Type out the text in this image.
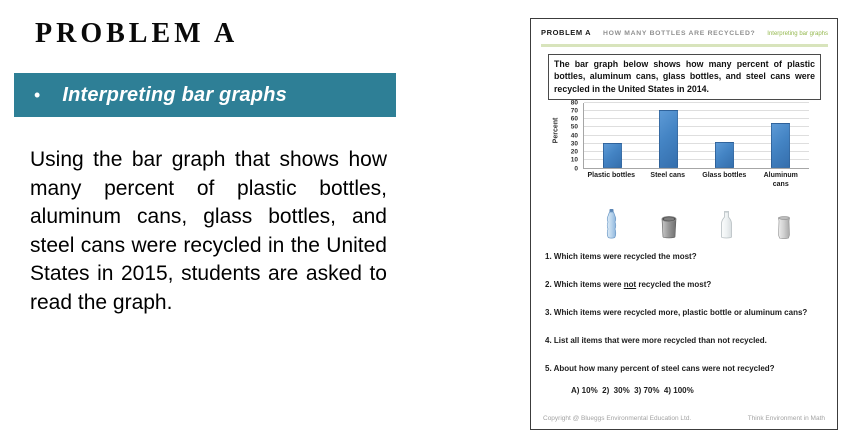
PROBLEM A
• Interpreting bar graphs
Using the bar graph that shows how many percent of plastic bottles, aluminum cans, glass bottles, and steel cans were recycled in the United States in 2015, students are asked to read the graph.
PROBLEM A HOW MANY BOTTLES ARE RECYCLED? Interpreting bar graphs
The bar graph below shows how many percent of plastic bottles, aluminum cans, glass bottles, and steel cans were recycled in the United States in 2014.
Percent
0
10
20
30
40
50
60
70
80
Plastic bottles	Steel cans	Glass bottles	Aluminum cans
1. Which items were recycled the most?
2. Which items were not recycled the most?
3. Which items were recycled more, plastic bottle or aluminum cans?
4. List all items that were more recycled than not recycled.
5. About how many percent of steel cans were not recycled?
A) 10%  2)  30%  3) 70%  4) 100%
Copyright @ Blueggs Environmental Education Ltd.	Think Environment in Math
